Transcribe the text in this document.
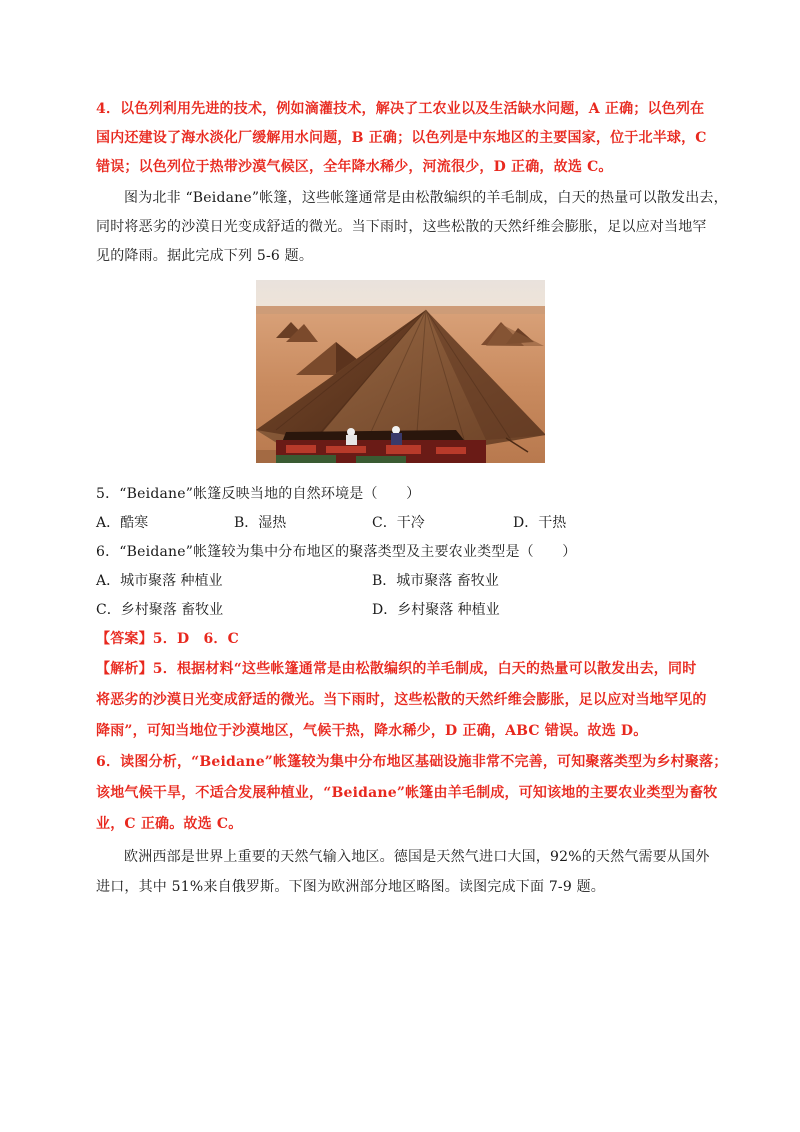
4．以色列利用先进的技术，例如滴灌技术，解决了工农业以及生活缺水问题，A 正确；以色列在
国内还建设了海水淡化厂缓解用水问题，B 正确；以色列是中东地区的主要国家，位于北半球，C
错误；以色列位于热带沙漠气候区，全年降水稀少，河流很少，D 正确，故选 C。
图为北非 “Beidane”帐篷，这些帐篷通常是由松散编织的羊毛制成，白天的热量可以散发出去，
同时将恶劣的沙漠日光变成舒适的微光。当下雨时，这些松散的天然纤维会膨胀，足以应对当地罕
见的降雨。据此完成下列 5-6 题。
5．“Beidane”帐篷反映当地的自然环境是（　　）
A．酷寒	B．湿热	C．干冷	D．干热
6．“Beidane”帐篷较为集中分布地区的聚落类型及主要农业类型是（　　）
A．城市聚落 种植业	B．城市聚落 畜牧业
C．乡村聚落 畜牧业	D．乡村聚落 种植业
【答案】5．D　6．C
【解析】5．根据材料“这些帐篷通常是由松散编织的羊毛制成，白天的热量可以散发出去，同时
将恶劣的沙漠日光变成舒适的微光。当下雨时，这些松散的天然纤维会膨胀，足以应对当地罕见的
降雨”，可知当地位于沙漠地区，气候干热，降水稀少，D 正确，ABC 错误。故选 D。
6．读图分析，“Beidane”帐篷较为集中分布地区基础设施非常不完善，可知聚落类型为乡村聚落；
该地气候干旱，不适合发展种植业，“Beidane”帐篷由羊毛制成，可知该地的主要农业类型为畜牧
业，C 正确。故选 C。
欧洲西部是世界上重要的天然气输入地区。德国是天然气进口大国，92%的天然气需要从国外
进口，其中 51%来自俄罗斯。下图为欧洲部分地区略图。读图完成下面 7-9 题。
